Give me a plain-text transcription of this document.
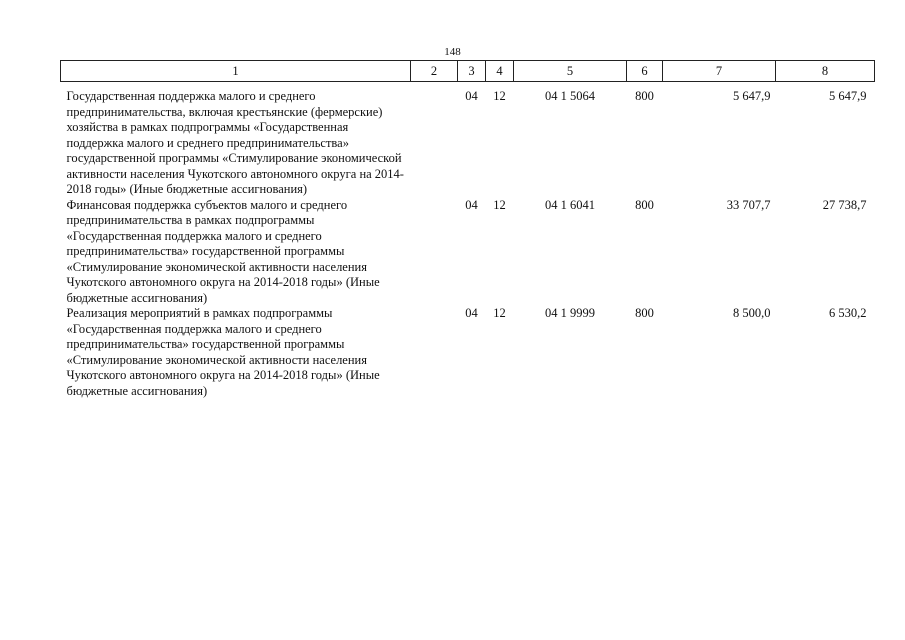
148
1	2	3	4	5	6	7	8
Государственная поддержка малого и среднего предпринимательства, включая крестьянские (фермерские) хозяйства в рамках подпрограммы «Государственная поддержка малого и среднего предпринимательства» государственной программы «Стимулирование экономической активности населения Чукотского автономного округа на 2014-2018 годы» (Иные бюджетные ассигнования)		04	12	04 1 5064	800	5 647,9	5 647,9
Финансовая поддержка субъектов малого и среднего предпринимательства в рамках подпрограммы «Государственная поддержка малого и среднего предпринимательства» государственной программы «Стимулирование экономической активности населения Чукотского автономного округа на 2014-2018 годы» (Иные бюджетные ассигнования)		04	12	04 1 6041	800	33 707,7	27 738,7
Реализация мероприятий в рамках подпрограммы «Государственная поддержка малого и среднего предпринимательства» государственной программы «Стимулирование экономической активности населения Чукотского автономного округа на 2014-2018 годы» (Иные бюджетные ассигнования)		04	12	04 1 9999	800	8 500,0	6 530,2
